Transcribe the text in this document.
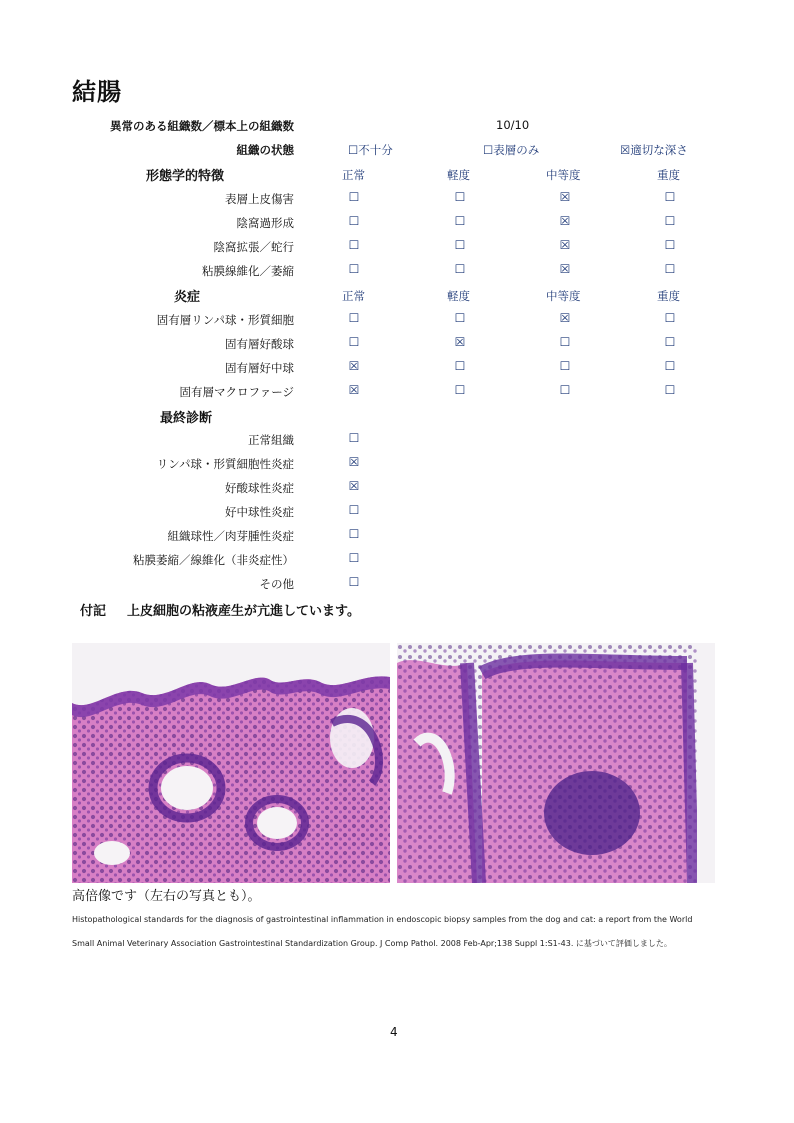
結腸
異常のある組織数／標本上の組織数	10/10
組織の状態	☐不十分	☐表層のみ	☒適切な深さ
形態学的特徴	正常	軽度	中等度	重度
表層上皮傷害	☐	☐	☒	☐
陰窩過形成	☐	☐	☒	☐
陰窩拡張／蛇行	☐	☐	☒	☐
粘膜線維化／萎縮	☐	☐	☒	☐
炎症	正常	軽度	中等度	重度
固有層リンパ球・形質細胞	☐	☐	☒	☐
固有層好酸球	☐	☒	☐	☐
固有層好中球	☒	☐	☐	☐
固有層マクロファージ	☒	☐	☐	☐
最終診断
正常組織	☐
リンパ球・形質細胞性炎症	☒
好酸球性炎症	☒
好中球性炎症	☐
組織球性／肉芽腫性炎症	☐
粘膜萎縮／線維化（非炎症性）	☐
その他	☐
付記 上皮細胞の粘液産生が亢進しています。
高倍像です（左右の写真とも）。
Histopathological standards for the diagnosis of gastrointestinal inflammation in endoscopic biopsy samples from the dog and cat: a report from the World
Small Animal Veterinary Association Gastrointestinal Standardization Group. J Comp Pathol. 2008 Feb-Apr;138 Suppl 1:S1-43. に基づいて評価しました。
4
